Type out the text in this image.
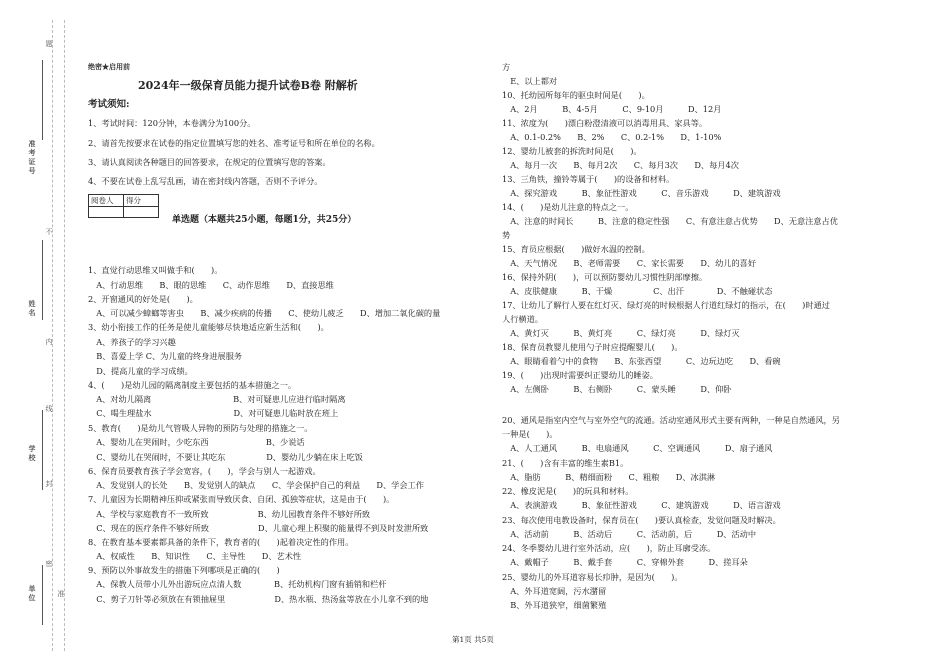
准考证号
姓名
学校
单位
题
不
内
线
封
密
准
绝密★启用前
2024年一级保育员能力提升试卷B卷 附解析
考试须知:
1、考试时间：120分钟，本卷满分为100分。
2、请首先按要求在试卷的指定位置填写您的姓名、准考证号和所在单位的名称。
3、请认真阅读各种题目的回答要求，在规定的位置填写您的答案。
4、不要在试卷上乱写乱画，请在密封线内答题，否则不予评分。
阅卷人	得分

单选题（本题共25小题，每题1分，共25分）
1、直觉行动思维又叫做手和(　　)。
　A、行动思维　　B、眼的思维　　C、动作思维　　D、直接思维
2、开窗通风的好处是(　　)。
　A、可以减少蟑螂等害虫　　B、减少疾病的传播　　C、使幼儿疲乏　　D、增加二氧化碳的量
3、幼小衔接工作的任务是使儿童能够尽快地适应新生活和(　　)。
　A、养孩子的学习兴趣
　B、喜爱上学 C、为儿童的终身进展服务
　D、提高儿童的学习成绩。
4、(　　)是幼儿园的隔离制度主要包括的基本措施之一。
　A、对幼儿隔离　　　　　　　　　　B、对可疑患儿应进行临时隔离
　C、喝生理盐水　　　　　　　　　　D、对可疑患儿临时放在班上
5、教育(　　)是幼儿气管吸人异物的预防与处理的措施之一。
　A、婴幼儿在哭闹时，少吃东西　　　　　　　B、少说话
　C、婴幼儿在哭闹时，不要让其吃东　　　　　D、婴幼儿少躺在床上吃饭
6、保育员要教育孩子学会宽容，(　　)，学会与别人一起游戏。
　A、发觉别人的长处　　B、发觉别人的缺点　　C、学会保护自己的利益　　D、学会工作
7、儿童因为长期精神压抑或紧张而导致厌食、自闭、孤独等症状，这是由于(　　)。
　A、学校与家庭教育不一致所致　　　　　　B、幼儿园教育条件不够好所致
　C、现在的医疗条件不够好所致　　　　　　D、儿童心理上积聚的能量得不到及时发泄所致
8、在教育基本要素都具备的条件下，教育者的(　　)起着决定性的作用。
　A、权威性　　B、知识性　　C、主导性　　D、艺术性
9、预防以外事故发生的措施下列哪项是正确的(　　)
　A、保教人员带小儿外出游玩应点清人数　　　　B、托幼机构门窗有插销和栏杆
　C、剪子刀针等必须放在有锁抽屉里　　　　　　D、热水瓶、热汤盆等放在小儿拿不到的地
方
　E、以上都对
10、托幼园所每年的驱虫时间是(　　)。
　A、2月　　　B、4-5月　　　C、9-10月　　　D、12月
11、浓度为(　　)漂白粉澄清液可以消毒用具、家具等。
　A、0.1-0.2%　　B、2%　　C、0.2-1%　　D、1-10%
12、婴幼儿被套的拆洗时间是(　　)。
　A、每月一次　　B、每月2次　　C、每月3次　　D、每月4次
13、三角铁，撞铃等属于(　　)的设备和材料。
　A、探究游戏　　　B、象征性游戏　　　C、音乐游戏　　　D、建筑游戏
14、(　　)是幼儿注意的特点之一。
　A、注意的时间长　　　B、注意的稳定性强　　C、有意注意占优势　　D、无意注意占优
势
15、育员应根据(　　)做好水温的控制。
　A、天气情况　　B、老师需要　　C、家长需要　　D、幼儿的喜好
16、保持外阴(　　)，可以预防婴幼儿习惯性阴部摩擦。
　A、皮肤健康　　　B、干燥　　　　　C、出汗　　　　D、不触碰状态
17、让幼儿了解行人要在红灯灭、绿灯亮的时候根据人行道红绿灯的指示，在(　　)时通过
人行横道。
　A、黄灯灭　　　B、黄灯亮　　　C、绿灯亮　　　D、绿灯灭
18、保育员教婴儿使用勺子时应提醒婴儿(　　)。
　A、眼睛看着勺中的食物　　B、东张西望　　　C、边玩边吃　　D、看碗
19、(　　)出现时需要纠正婴幼儿的睡姿。
　A、左侧卧　　　B、右侧卧　　　C、蒙头睡　　　D、仰卧
20、通风是指室内空气与室外空气的流通。活动室通风形式主要有两种，一种是自然通风，另
一种是(　　)。
　A、人工通风　　　B、电扇通风　　　C、空调通风　　　D、扇子通风
21、(　　)含有丰富的维生素B1。
　A、脂肪　　　B、精细面粉　　C、粗粮　　D、冰淇淋
22、橡皮泥是(　　)的玩具和材料。
　A、表演游戏　　　B、象征性游戏　　　C、建筑游戏　　　D、语言游戏
23、每次使用电教设备时，保育员在(　　)要认真检查，发觉问题及时解决。
　A、活动前　　　B、活动后　　　C、活动前，后　　　D、活动中
24、冬季婴幼儿进行室外活动，应(　　)，防止耳廓受冻。
　A、戴帽子　　　B、戴手套　　　C、穿棉外套　　　D、搓耳朵
25、婴幼儿的外耳道容易长疖肿，是因为(　　)。
　A、外耳道宽阔，污水潴留
　B、外耳道狭窄，细菌繁殖
第1页 共5页
